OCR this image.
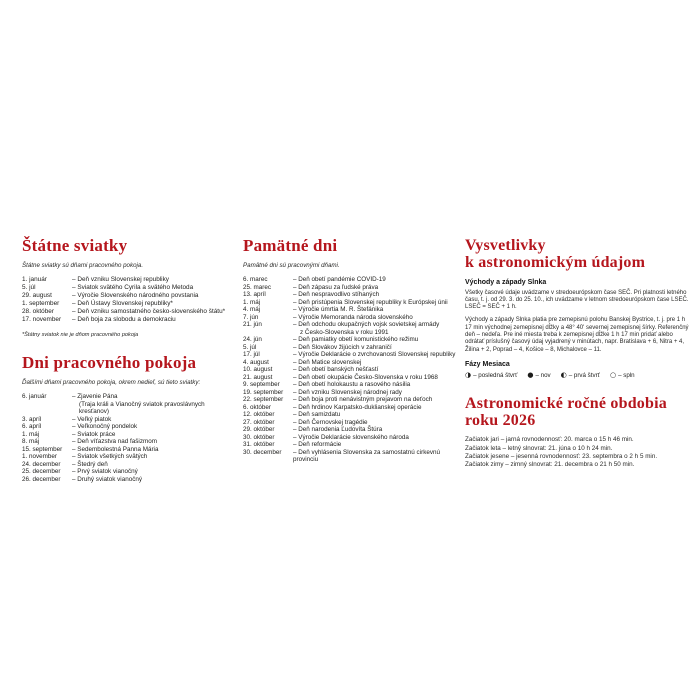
Štátne sviatky

Štátne sviatky sú dňami pracovného pokoja.

1. január	– Deň vzniku Slovenskej republiky
5. júl	– Sviatok svätého Cyrila a svätého Metoda
29. august	– Výročie Slovenského národného povstania
1. september	– Deň Ústavy Slovenskej republiky*
28. október	– Deň vzniku samostatného česko-slovenského štátu*
17. november	– Deň boja za slobodu a demokraciu

*Štátny sviatok nie je dňom pracovného pokoja

Dni pracovného pokoja

Ďalšími dňami pracovného pokoja, okrem nedieľ, sú tieto sviatky:

6. január	– Zjavenie Pána
(Traja králi a Vianočný sviatok pravoslávnych kresťanov)
3. apríl	– Veľký piatok
6. apríl	– Veľkonočný pondelok
1. máj	– Sviatok práce
8. máj	– Deň víťazstva nad fašizmom
15. september	– Sedembolestná Panna Mária
1. november	– Sviatok všetkých svätých
24. december	– Štedrý deň
25. december	– Prvý sviatok vianočný
26. december	– Druhý sviatok vianočný
Pamätné dni

Pamätné dni sú pracovnými dňami.

6. marec	– Deň obetí pandémie COVID-19
25. marec	– Deň zápasu za ľudské práva
13. apríl	– Deň nespravodlivo stíhaných
1. máj	– Deň pristúpenia Slovenskej republiky k Európskej únii
4. máj	– Výročie úmrtia M. R. Štefánika
7. jún	– Výročie Memoranda národa slovenského
21. jún	– Deň odchodu okupačných vojsk sovietskej armády
z Česko-Slovenska v roku 1991
24. jún	– Deň pamiatky obetí komunistického režimu
5. júl	– Deň Slovákov žijúcich v zahraničí
17. júl	– Výročie Deklarácie o zvrchovanosti Slovenskej republiky
4. august	– Deň Matice slovenskej
10. august	– Deň obetí banských nešťastí
21. august	– Deň obetí okupácie Česko-Slovenska v roku 1968
9. september	– Deň obetí holokaustu a rasového násilia
19. september	– Deň vzniku Slovenskej národnej rady
22. september	– Deň boja proti nenávistným prejavom na deťoch
6. október	– Deň hrdinov Karpatsko-duklianskej operácie
12. október	– Deň samizdatu
27. október	– Deň Černovskej tragédie
29. október	– Deň narodenia Ľudovíta Štúra
30. október	– Výročie Deklarácie slovenského národa
31. október	– Deň reformácie
30. december	– Deň vyhlásenia Slovenska za samostatnú cirkevnú provinciu
Vysvetlivky
k astronomickým údajom
Východy a západy Slnka

Všetky časové údaje uvádzame v stredoeurópskom čase SEČ. Pri platnosti letného času, t. j. od 29. 3. do 25. 10., ich uvádzame v letnom stredoeurópskom čase LSEČ. LSEČ = SEČ + 1 h.

Východy a západy Slnka platia pre zemepisnú polohu Banskej Bystrice, t. j. pre 1 h 17 min východnej zemepisnej dĺžky a 48° 40' severnej zemepisnej šírky. Referenčný deň – nedeľa. Pre iné miesta treba k zemepisnej dĺžke 1 h 17 min pridať alebo odrátať príslušný časový údaj vyjadrený v minútach, napr. Bratislava + 6, Nitra + 4, Žilina + 2, Poprad – 4, Košice – 8, Michalovce – 11.

Fázy Mesiaca
◑ – posledná štvrť ● – nov ◐ – prvá štvrť ○ – spln
Astronomické ročné obdobia
roku 2026
Začiatok jari – jarná rovnodennosť: 20. marca o 15 h 46 min.
Začiatok leta – letný slnovrat: 21. júna o 10 h 24 min.
Začiatok jesene – jesenná rovnodennosť: 23. septembra o 2 h 5 min.
Začiatok zimy – zimný slnovrat: 21. decembra o 21 h 50 min.
